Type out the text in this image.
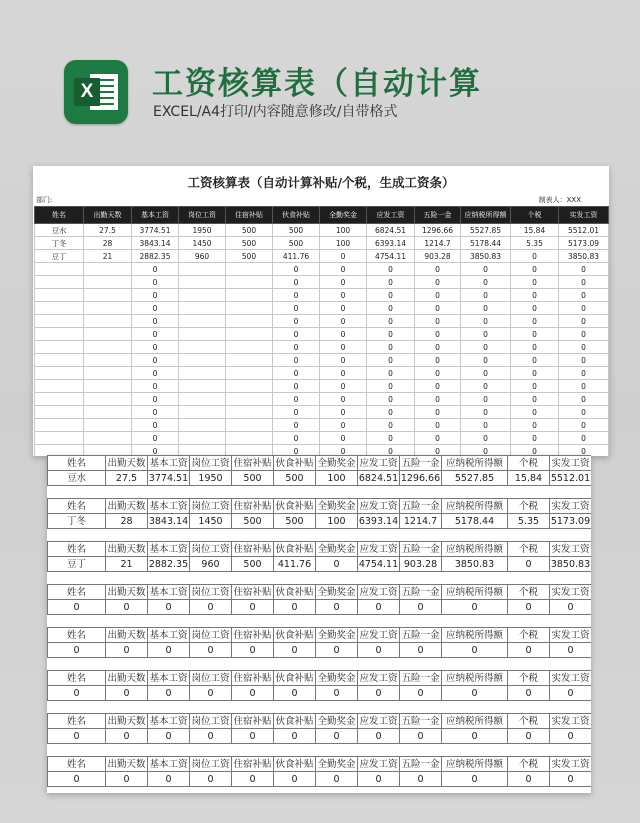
X 工资核算表（自动计算
EXCEL/A4打印/内容随意修改/自带格式
工资核算表（自动计算补贴/个税，生成工资条）
部门:	制表人：XXX
姓名	出勤天数	基本工资	岗位工资	住宿补贴	伙食补贴	全勤奖金	应发工资	五险一金	应纳税所得额	个税	实发工资
豆水	27.5	3774.51	1950	500	500	100	6824.51	1296.66	5527.85	15.84	5512.01
丁冬	28	3843.14	1450	500	500	100	6393.14	1214.7	5178.44	5.35	5173.09
豆丁	21	2882.35	960	500	411.76	0	4754.11	903.28	3850.83	0	3850.83
		0			0	0	0	0	0	0	0
		0			0	0	0	0	0	0	0
		0			0	0	0	0	0	0	0
		0			0	0	0	0	0	0	0
		0			0	0	0	0	0	0	0
		0			0	0	0	0	0	0	0
		0			0	0	0	0	0	0	0
		0			0	0	0	0	0	0	0
		0			0	0	0	0	0	0	0
		0			0	0	0	0	0	0	0
		0			0	0	0	0	0	0	0
		0			0	0	0	0	0	0	0
		0			0	0	0	0	0	0	0
		0			0	0	0	0	0	0	0
		0			0	0	0	0	0	0	0
姓名	出勤天数	基本工资	岗位工资	住宿补贴	伙食补贴	全勤奖金	应发工资	五险一金	应纳税所得额	个税	实发工资
豆水	27.5	3774.51	1950	500	500	100	6824.51	1296.66	5527.85	15.84	5512.01

姓名	出勤天数	基本工资	岗位工资	住宿补贴	伙食补贴	全勤奖金	应发工资	五险一金	应纳税所得额	个税	实发工资
丁冬	28	3843.14	1450	500	500	100	6393.14	1214.7	5178.44	5.35	5173.09

姓名	出勤天数	基本工资	岗位工资	住宿补贴	伙食补贴	全勤奖金	应发工资	五险一金	应纳税所得额	个税	实发工资
豆丁	21	2882.35	960	500	411.76	0	4754.11	903.28	3850.83	0	3850.83

姓名	出勤天数	基本工资	岗位工资	住宿补贴	伙食补贴	全勤奖金	应发工资	五险一金	应纳税所得额	个税	实发工资
0	0	0	0	0	0	0	0	0	0	0	0

姓名	出勤天数	基本工资	岗位工资	住宿补贴	伙食补贴	全勤奖金	应发工资	五险一金	应纳税所得额	个税	实发工资
0	0	0	0	0	0	0	0	0	0	0	0

姓名	出勤天数	基本工资	岗位工资	住宿补贴	伙食补贴	全勤奖金	应发工资	五险一金	应纳税所得额	个税	实发工资
0	0	0	0	0	0	0	0	0	0	0	0

姓名	出勤天数	基本工资	岗位工资	住宿补贴	伙食补贴	全勤奖金	应发工资	五险一金	应纳税所得额	个税	实发工资
0	0	0	0	0	0	0	0	0	0	0	0

姓名	出勤天数	基本工资	岗位工资	住宿补贴	伙食补贴	全勤奖金	应发工资	五险一金	应纳税所得额	个税	实发工资
0	0	0	0	0	0	0	0	0	0	0	0
